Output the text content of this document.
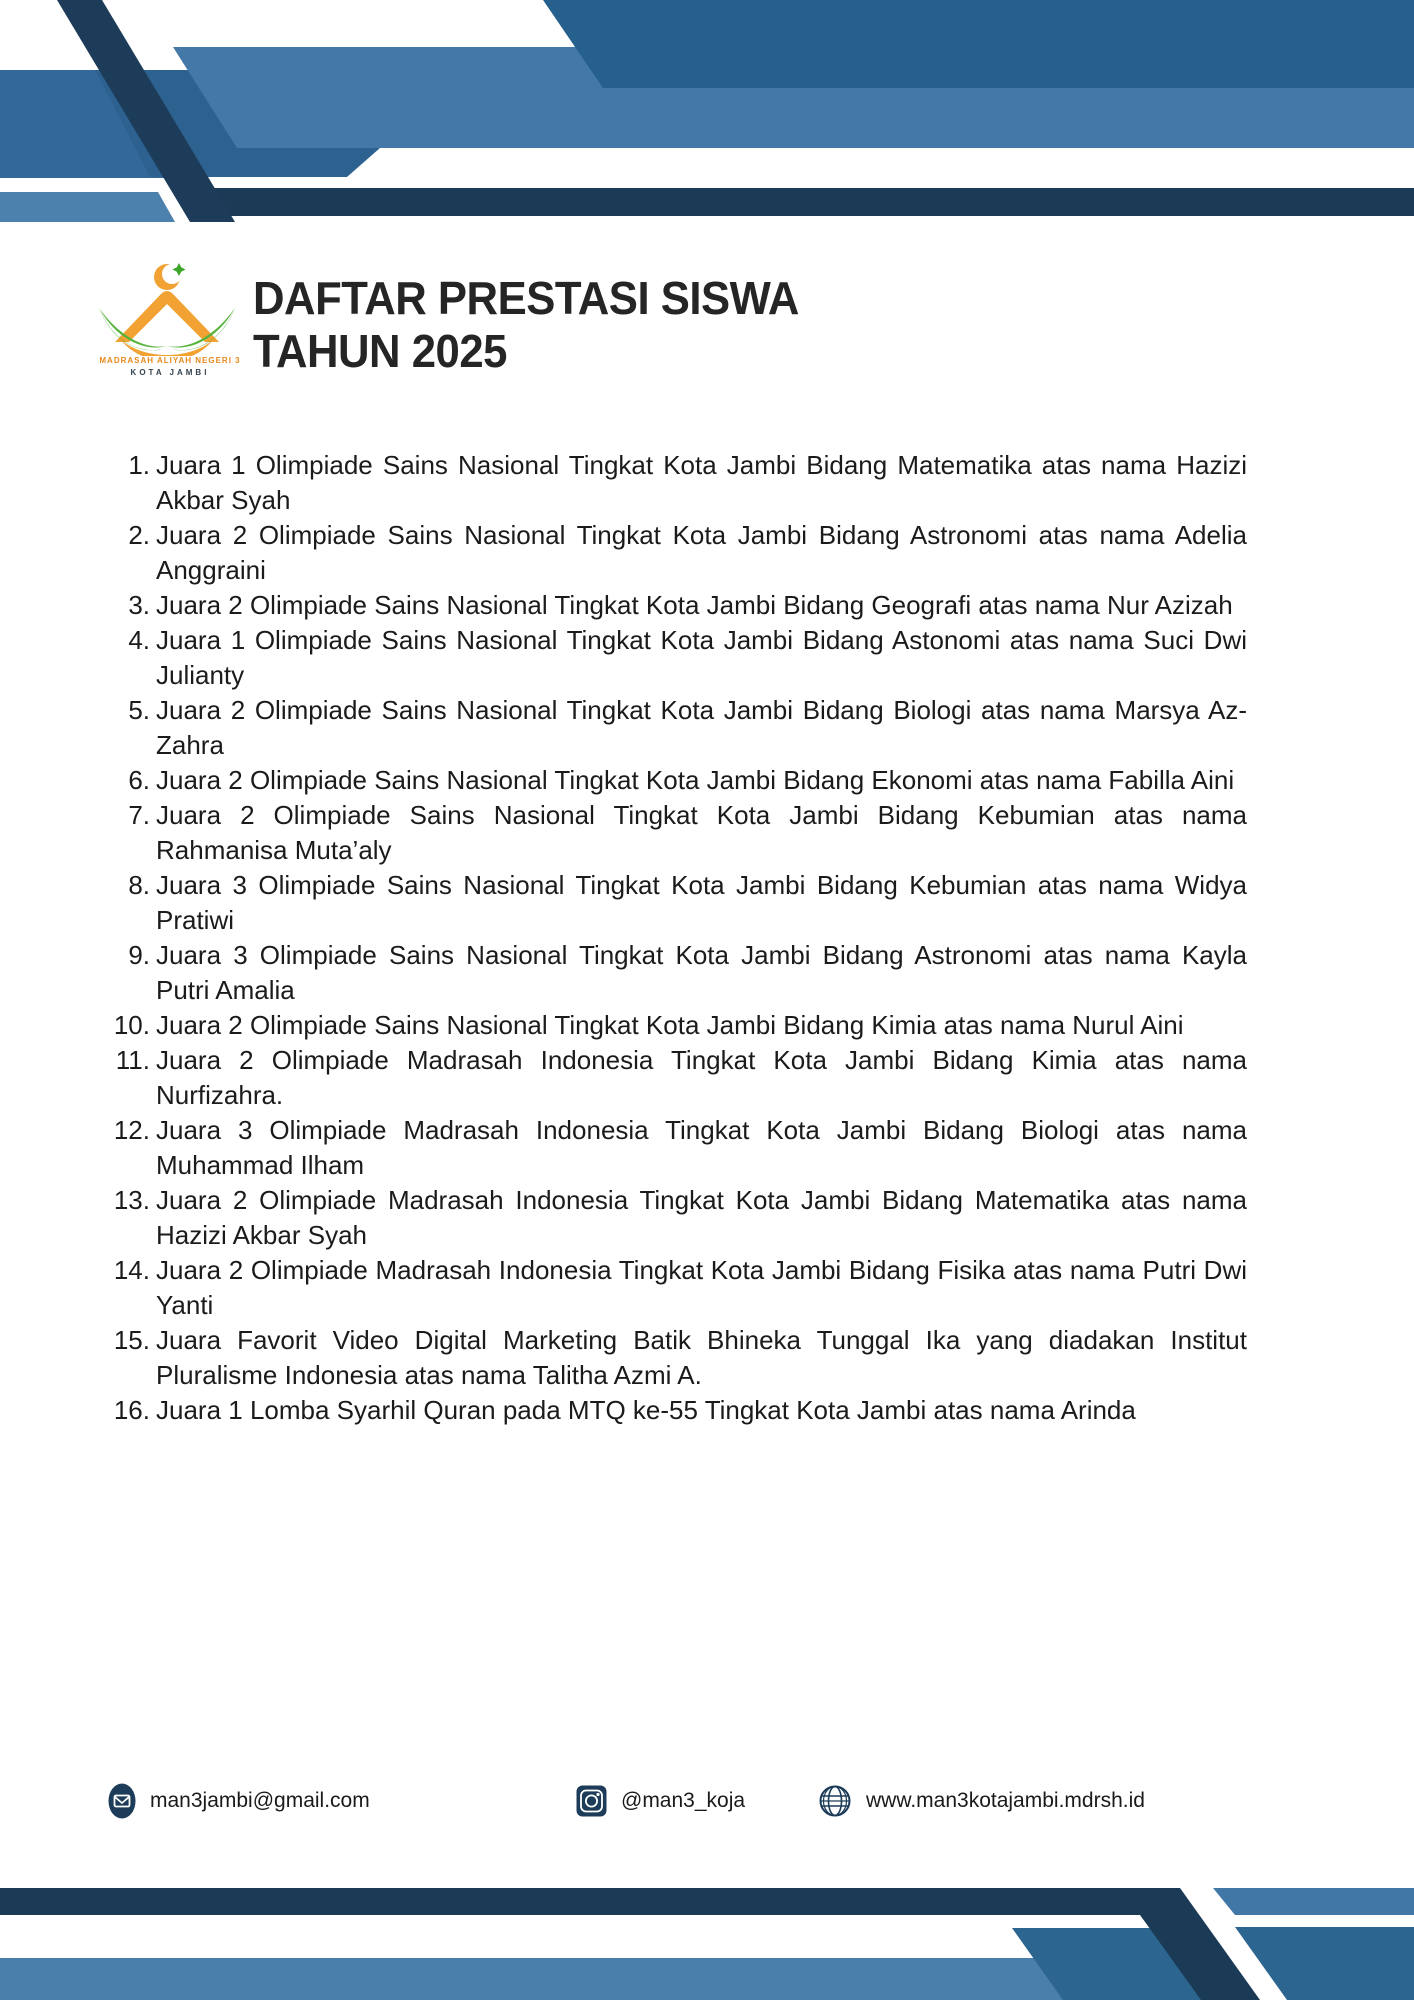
MADRASAH ALIYAH NEGERI 3
KOTA JAMBI
DAFTAR PRESTASI SISWA
TAHUN 2025
1. Juara 1 Olimpiade Sains Nasional Tingkat Kota Jambi Bidang Matematika atas nama Hazizi Akbar Syah
2. Juara 2 Olimpiade Sains Nasional Tingkat Kota Jambi Bidang Astronomi atas nama Adelia Anggraini
3. Juara 2 Olimpiade Sains Nasional Tingkat Kota Jambi Bidang Geografi atas nama Nur Azizah
4. Juara 1 Olimpiade Sains Nasional Tingkat Kota Jambi Bidang Astonomi atas nama Suci Dwi Julianty
5. Juara 2 Olimpiade Sains Nasional Tingkat Kota Jambi Bidang Biologi atas nama Marsya Az-Zahra
6. Juara 2 Olimpiade Sains Nasional Tingkat Kota Jambi Bidang Ekonomi atas nama Fabilla Aini
7. Juara 2 Olimpiade Sains Nasional Tingkat Kota Jambi Bidang Kebumian atas nama Rahmanisa Muta’aly
8. Juara 3 Olimpiade Sains Nasional Tingkat Kota Jambi Bidang Kebumian atas nama Widya Pratiwi
9. Juara 3 Olimpiade Sains Nasional Tingkat Kota Jambi Bidang Astronomi atas nama Kayla Putri Amalia
10. Juara 2 Olimpiade Sains Nasional Tingkat Kota Jambi Bidang Kimia atas nama Nurul Aini
11. Juara 2 Olimpiade Madrasah Indonesia Tingkat Kota Jambi Bidang Kimia atas nama Nurfizahra.
12. Juara 3 Olimpiade Madrasah Indonesia Tingkat Kota Jambi Bidang Biologi atas nama Muhammad Ilham
13. Juara 2 Olimpiade Madrasah Indonesia Tingkat Kota Jambi Bidang Matematika atas nama Hazizi Akbar Syah
14. Juara 2 Olimpiade Madrasah Indonesia Tingkat Kota Jambi Bidang Fisika atas nama Putri Dwi Yanti
15. Juara Favorit Video Digital Marketing Batik Bhineka Tunggal Ika yang diadakan Institut Pluralisme Indonesia atas nama Talitha Azmi A.
16. Juara 1 Lomba Syarhil Quran pada MTQ ke-55 Tingkat Kota Jambi atas nama Arinda
man3jambi@gmail.com	@man3_koja	www.man3kotajambi.mdrsh.id
